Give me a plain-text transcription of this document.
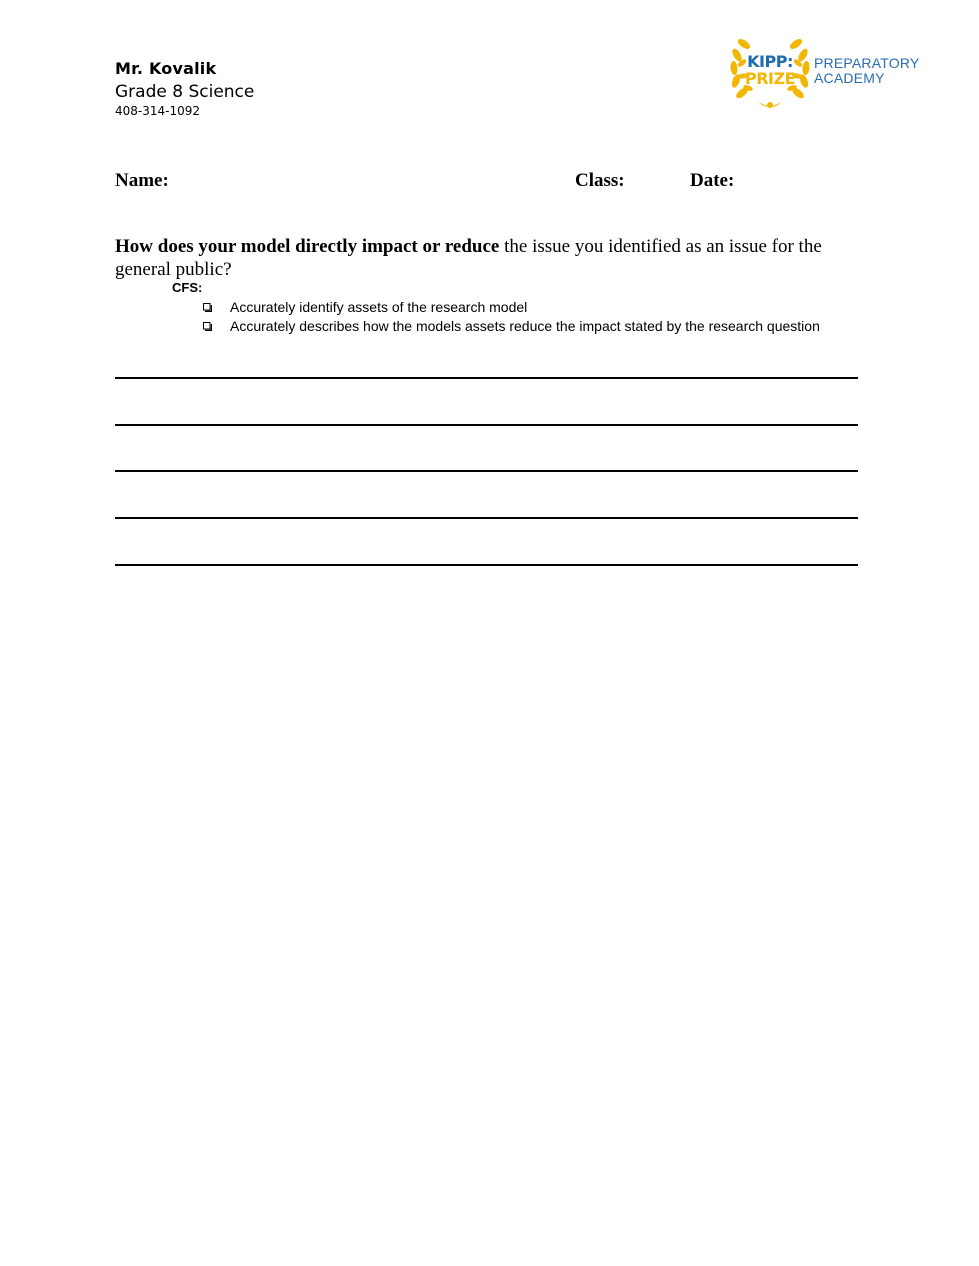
Mr. Kovalik
Grade 8 Science
408-314-1092
KIPP:
PRIZE
PREPARATORY
ACADEMY
Name:	Class:	Date:
How does your model directly impact or reduce the issue you identified as an issue for the general public?
CFS:
Accurately identify assets of the research model
Accurately describes how the models assets reduce the impact stated by the research question
